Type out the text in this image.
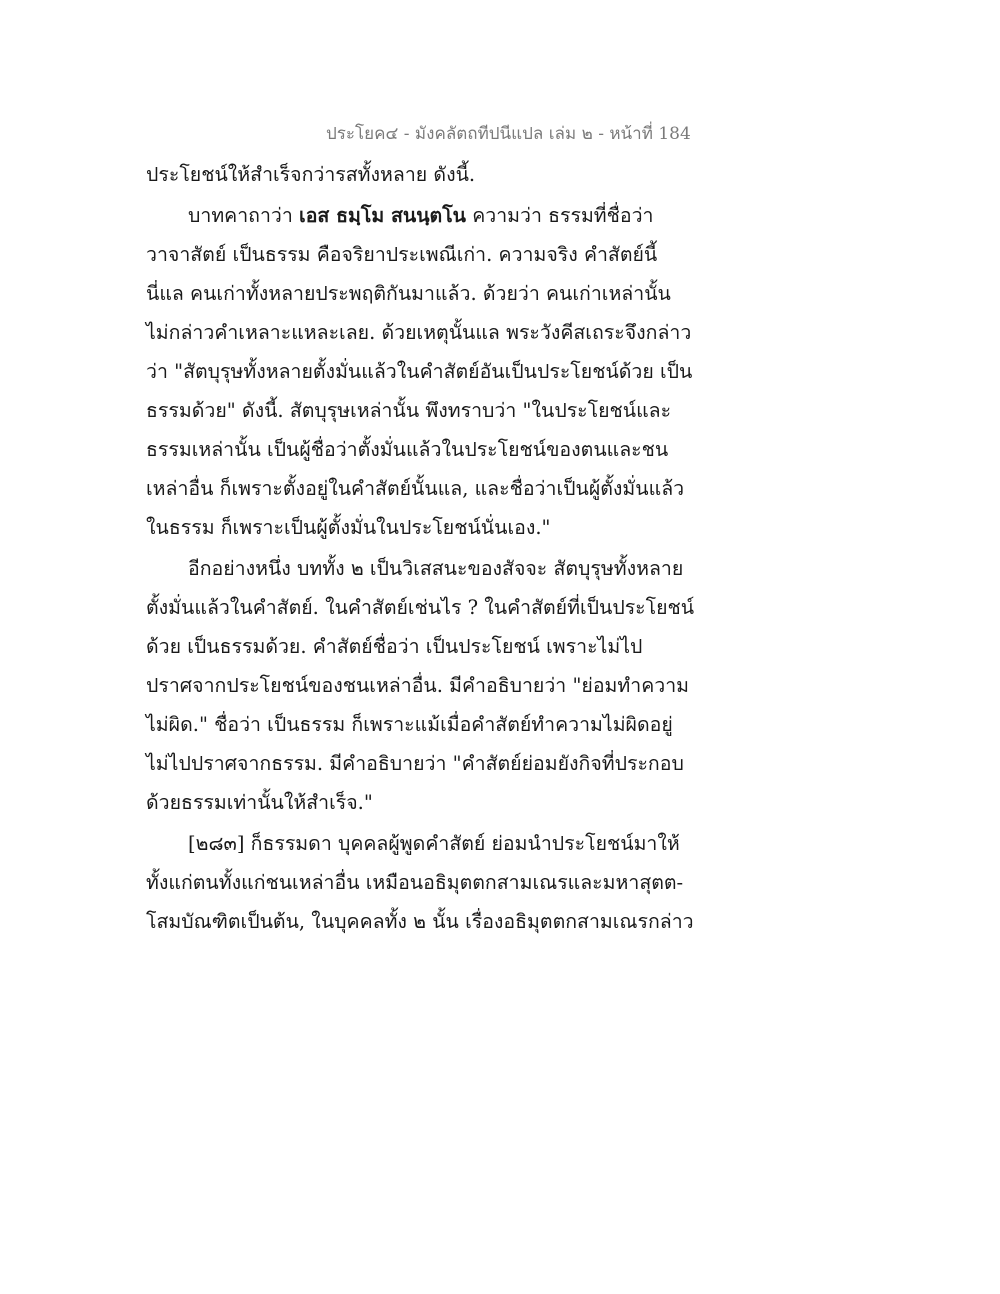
ประโยค๔ - มังคลัตถทีปนีแปล เล่ม ๒ - หน้าที่ 184

ประโยชน์ให้สำเร็จกว่ารสทั้งหลาย ดังนี้.

บาทคาถาว่า เอส ธมฺโม สนนฺตโน ความว่า ธรรมที่ชื่อว่า

วาจาสัตย์ เป็นธรรม คือจริยาประเพณีเก่า. ความจริง คำสัตย์นี้

นี่แล คนเก่าทั้งหลายประพฤติกันมาแล้ว. ด้วยว่า คนเก่าเหล่านั้น

ไม่กล่าวคำเหลาะแหละเลย. ด้วยเหตุนั้นแล พระวังคีสเถระจึงกล่าว

ว่า "สัตบุรุษทั้งหลายตั้งมั่นแล้วในคำสัตย์อันเป็นประโยชน์ด้วย เป็น

ธรรมด้วย" ดังนี้. สัตบุรุษเหล่านั้น พึงทราบว่า "ในประโยชน์และ

ธรรมเหล่านั้น เป็นผู้ชื่อว่าตั้งมั่นแล้วในประโยชน์ของตนและชน

เหล่าอื่น ก็เพราะตั้งอยู่ในคำสัตย์นั้นแล, และชื่อว่าเป็นผู้ตั้งมั่นแล้ว

ในธรรม ก็เพราะเป็นผู้ตั้งมั่นในประโยชน์นั่นเอง."

อีกอย่างหนึ่ง บททั้ง ๒ เป็นวิเสสนะของสัจจะ สัตบุรุษทั้งหลาย

ตั้งมั่นแล้วในคำสัตย์. ในคำสัตย์เช่นไร ? ในคำสัตย์ที่เป็นประโยชน์

ด้วย เป็นธรรมด้วย. คำสัตย์ชื่อว่า เป็นประโยชน์ เพราะไม่ไป

ปราศจากประโยชน์ของชนเหล่าอื่น. มีคำอธิบายว่า "ย่อมทำความ

ไม่ผิด." ชื่อว่า เป็นธรรม ก็เพราะแม้เมื่อคำสัตย์ทำความไม่ผิดอยู่

ไม่ไปปราศจากธรรม. มีคำอธิบายว่า "คำสัตย์ย่อมยังกิจที่ประกอบ

ด้วยธรรมเท่านั้นให้สำเร็จ."

[๒๘๓] ก็ธรรมดา บุคคลผู้พูดคำสัตย์ ย่อมนำประโยชน์มาให้

ทั้งแก่ตนทั้งแก่ชนเหล่าอื่น เหมือนอธิมุตตกสามเณรและมหาสุตต-

โสมบัณฑิตเป็นต้น, ในบุคคลทั้ง ๒ นั้น เรื่องอธิมุตตกสามเณรกล่าว
